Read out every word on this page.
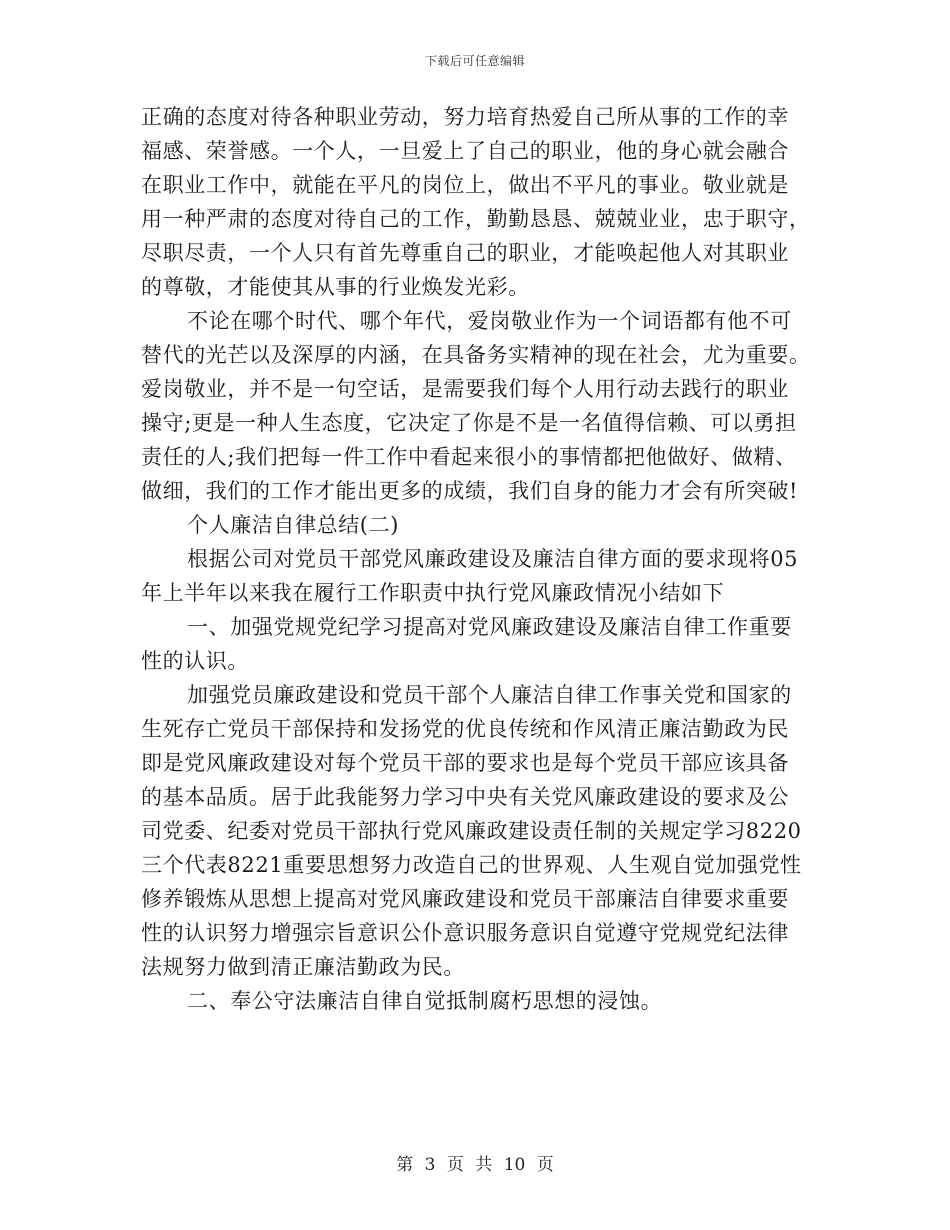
下载后可任意编辑
正确的态度对待各种职业劳动，努力培育热爱自己所从事的工作的幸
福感、荣誉感。一个人，一旦爱上了自己的职业，他的身心就会融合
在职业工作中，就能在平凡的岗位上，做出不平凡的事业。敬业就是
用一种严肃的态度对待自己的工作，勤勤恳恳、兢兢业业，忠于职守，
尽职尽责，一个人只有首先尊重自己的职业，才能唤起他人对其职业
的尊敬，才能使其从事的行业焕发光彩。
不论在哪个时代、哪个年代，爱岗敬业作为一个词语都有他不可
替代的光芒以及深厚的内涵，在具备务实精神的现在社会，尤为重要。
爱岗敬业，并不是一句空话，是需要我们每个人用行动去践行的职业
操守;更是一种人生态度，它决定了你是不是一名值得信赖、可以勇担
责任的人;我们把每一件工作中看起来很小的事情都把他做好、做精、
做细，我们的工作才能出更多的成绩，我们自身的能力才会有所突破!
个人廉洁自律总结(二)
根据公司对党员干部党风廉政建设及廉洁自律方面的要求现将05
年上半年以来我在履行工作职责中执行党风廉政情况小结如下
一、加强党规党纪学习提高对党风廉政建设及廉洁自律工作重要
性的认识。
加强党员廉政建设和党员干部个人廉洁自律工作事关党和国家的
生死存亡党员干部保持和发扬党的优良传统和作风清正廉洁勤政为民
即是党风廉政建设对每个党员干部的要求也是每个党员干部应该具备
的基本品质。居于此我能努力学习中央有关党风廉政建设的要求及公
司党委、纪委对党员干部执行党风廉政建设责任制的关规定学习8220
三个代表8221重要思想努力改造自己的世界观、人生观自觉加强党性
修养锻炼从思想上提高对党风廉政建设和党员干部廉洁自律要求重要
性的认识努力增强宗旨意识公仆意识服务意识自觉遵守党规党纪法律
法规努力做到清正廉洁勤政为民。
二、奉公守法廉洁自律自觉抵制腐朽思想的浸蚀。
第 3 页 共 10 页
